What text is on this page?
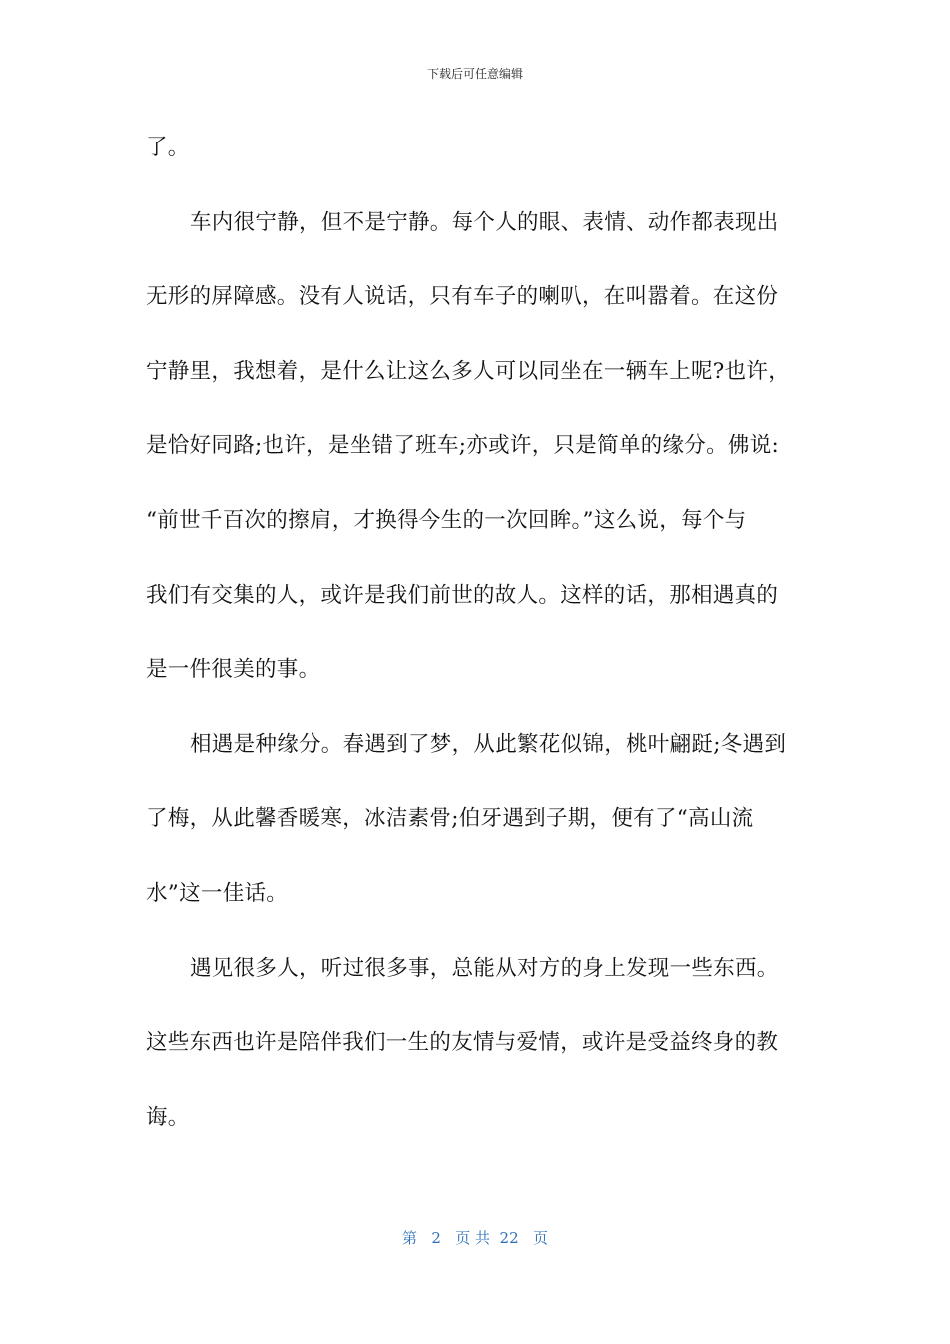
下载后可任意编辑
了。
车内很宁静，但不是宁静。每个人的眼、表情、动作都表现出
无形的屏障感。没有人说话，只有车子的喇叭，在叫嚣着。在这份
宁静里，我想着，是什么让这么多人可以同坐在一辆车上呢?也许，
是恰好同路;也许，是坐错了班车;亦或许，只是简单的缘分。佛说:
“前世千百次的擦肩，才换得今生的一次回眸。”这么说，每个与
我们有交集的人，或许是我们前世的故人。这样的话，那相遇真的
是一件很美的事。
相遇是种缘分。春遇到了梦，从此繁花似锦，桃叶翩跹;冬遇到
了梅，从此馨香暖寒，冰洁素骨;伯牙遇到子期，便有了“高山流
水”这一佳话。
遇见很多人，听过很多事，总能从对方的身上发现一些东西。
这些东西也许是陪伴我们一生的友情与爱情，或许是受益终身的教
诲。
第 2 页 共 22 页
